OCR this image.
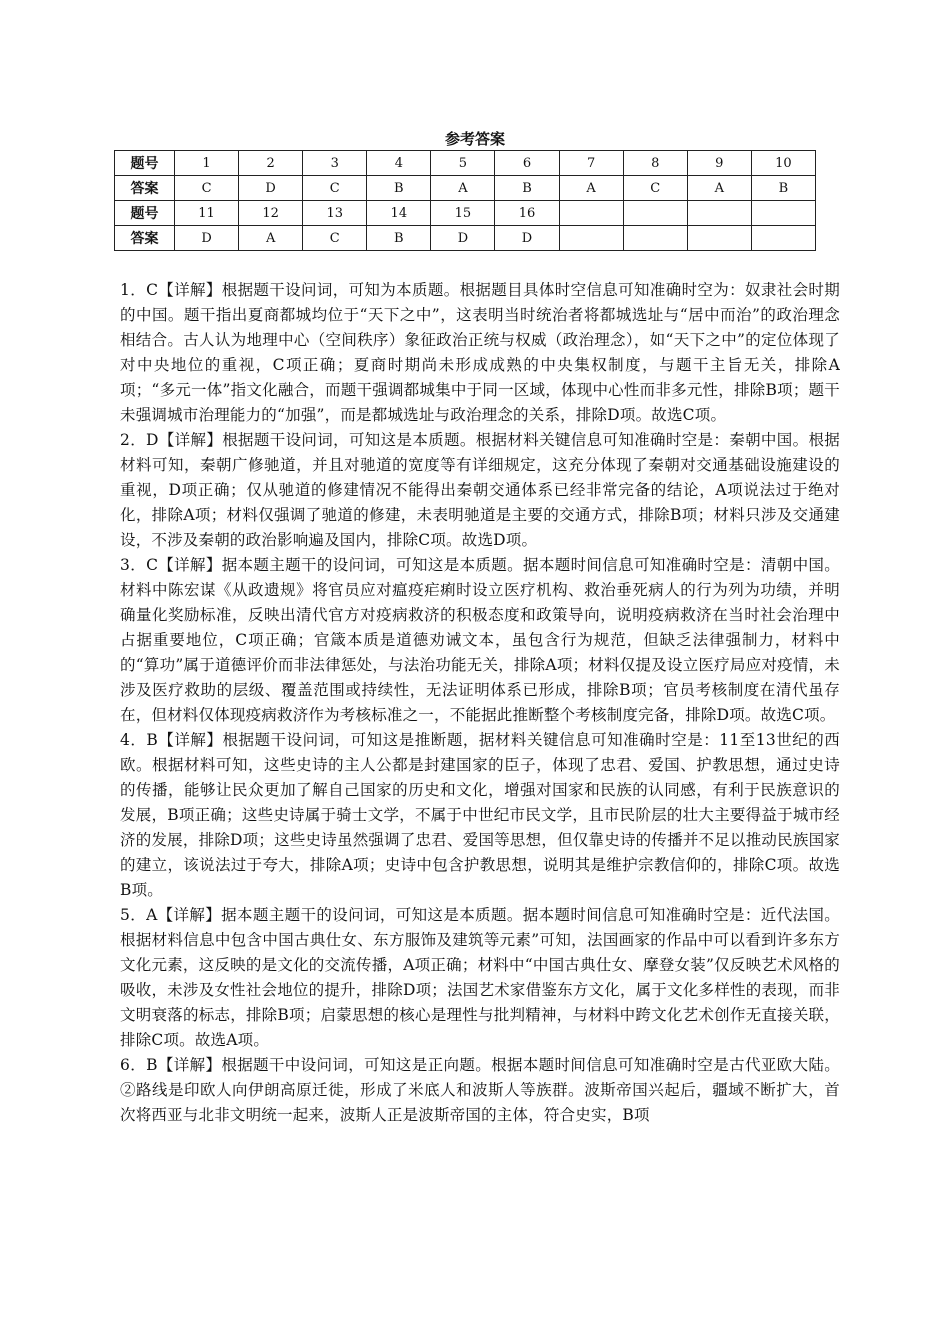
参考答案
题号	1	2	3	4	5	6	7	8	9	10
答案	C	D	C	B	A	B	A	C	A	B
题号	11	12	13	14	15	16				
答案	D	A	C	B	D	D				

1．C【详解】根据题干设问词，可知为本质题。根据题目具体时空信息可知准确时空为：奴隶社会时期的中国。题干指出夏商都城均位于“天下之中”，这表明当时统治者将都城选址与“居中而治”的政治理念相结合。古人认为地理中心（空间秩序）象征政治正统与权威（政治理念），如“天下之中”的定位体现了对中央地位的重视，C项正确；夏商时期尚未形成成熟的中央集权制度，与题干主旨无关，排除A项；“多元一体”指文化融合，而题干强调都城集中于同一区域，体现中心性而非多元性，排除B项；题干未强调城市治理能力的“加强”，而是都城选址与政治理念的关系，排除D项。故选C项。

2．D【详解】根据题干设问词，可知这是本质题。根据材料关键信息可知准确时空是：秦朝中国。根据材料可知，秦朝广修驰道，并且对驰道的宽度等有详细规定，这充分体现了秦朝对交通基础设施建设的重视，D项正确；仅从驰道的修建情况不能得出秦朝交通体系已经非常完备的结论，A项说法过于绝对化，排除A项；材料仅强调了驰道的修建，未表明驰道是主要的交通方式，排除B项；材料只涉及交通建设，不涉及秦朝的政治影响遍及国内，排除C项。故选D项。

3．C【详解】据本题主题干的设问词，可知这是本质题。据本题时间信息可知准确时空是：清朝中国。材料中陈宏谋《从政遗规》将官员应对瘟疫疟痢时设立医疗机构、救治垂死病人的行为列为功绩，并明确量化奖励标准，反映出清代官方对疫病救济的积极态度和政策导向，说明疫病救济在当时社会治理中占据重要地位，C项正确；官箴本质是道德劝诫文本，虽包含行为规范，但缺乏法律强制力，材料中的“算功”属于道德评价而非法律惩处，与法治功能无关，排除A项；材料仅提及设立医疗局应对疫情，未涉及医疗救助的层级、覆盖范围或持续性，无法证明体系已形成，排除B项；官员考核制度在清代虽存在，但材料仅体现疫病救济作为考核标准之一，不能据此推断整个考核制度完备，排除D项。故选C项。

4．B【详解】根据题干设问词，可知这是推断题，据材料关键信息可知准确时空是：11至13世纪的西欧。根据材料可知，这些史诗的主人公都是封建国家的臣子，体现了忠君、爱国、护教思想，通过史诗的传播，能够让民众更加了解自己国家的历史和文化，增强对国家和民族的认同感，有利于民族意识的发展，B项正确；这些史诗属于骑士文学，不属于中世纪市民文学，且市民阶层的壮大主要得益于城市经济的发展，排除D项；这些史诗虽然强调了忠君、爱国等思想，但仅靠史诗的传播并不足以推动民族国家的建立，该说法过于夸大，排除A项；史诗中包含护教思想，说明其是维护宗教信仰的，排除C项。故选B项。

5．A【详解】据本题主题干的设问词，可知这是本质题。据本题时间信息可知准确时空是：近代法国。根据材料信息中包含中国古典仕女、东方服饰及建筑等元素”可知，法国画家的作品中可以看到许多东方文化元素，这反映的是文化的交流传播，A项正确；材料中“中国古典仕女、摩登女装”仅反映艺术风格的吸收，未涉及女性社会地位的提升，排除D项；法国艺术家借鉴东方文化，属于文化多样性的表现，而非文明衰落的标志，排除B项；启蒙思想的核心是理性与批判精神，与材料中跨文化艺术创作无直接关联，排除C项。故选A项。

6．B【详解】根据题干中设问词，可知这是正向题。根据本题时间信息可知准确时空是古代亚欧大陆。②路线是印欧人向伊朗高原迁徙，形成了米底人和波斯人等族群。波斯帝国兴起后，疆域不断扩大，首次将西亚与北非文明统一起来，波斯人正是波斯帝国的主体，符合史实，B项
